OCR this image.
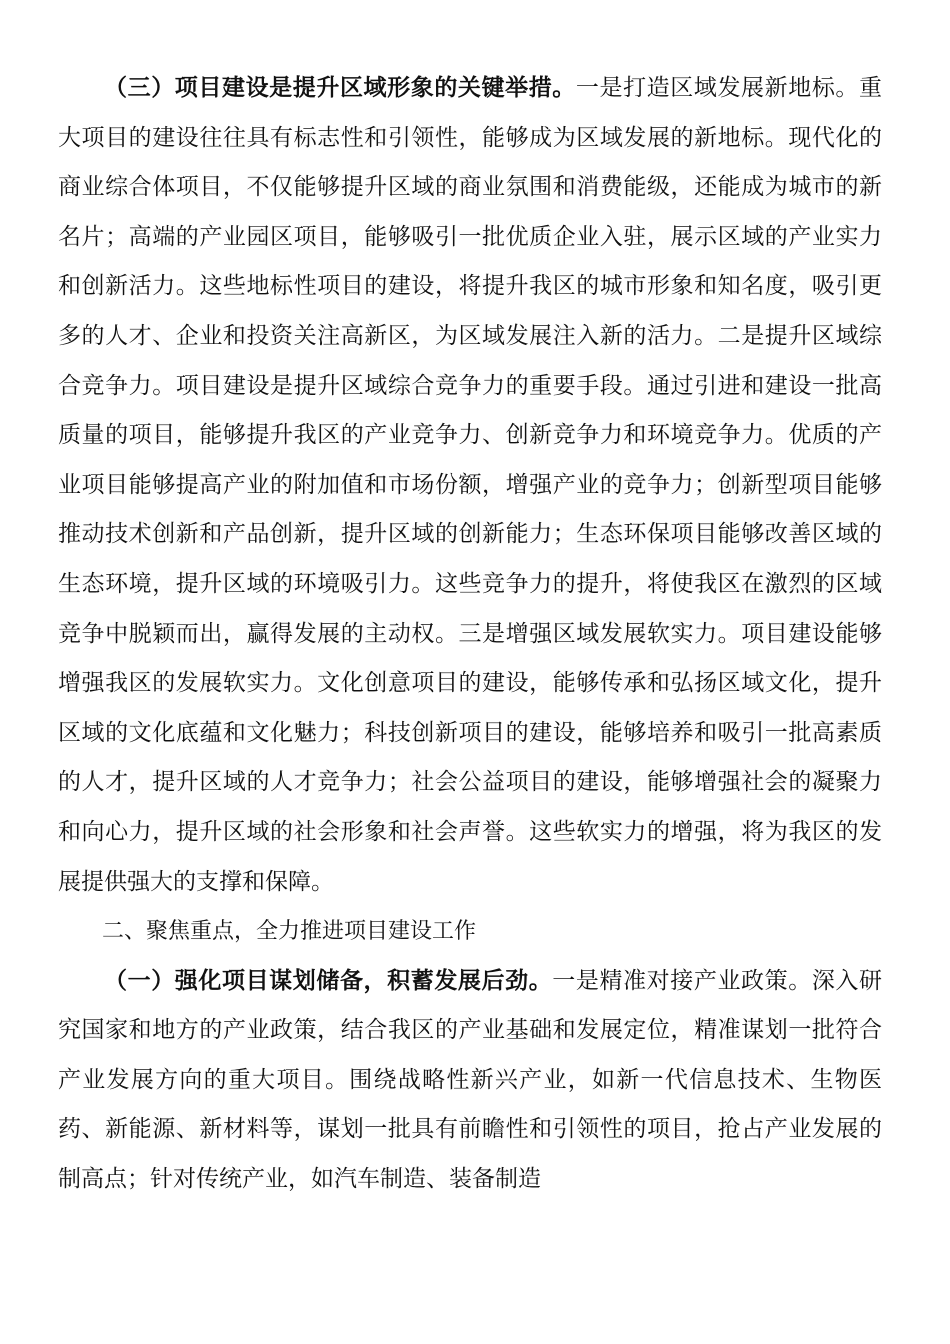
（三）项目建设是提升区域形象的关键举措。一是打造区域发展新地标。重大项目的建设往往具有标志性和引领性，能够成为区域发展的新地标。现代化的商业综合体项目，不仅能够提升区域的商业氛围和消费能级，还能成为城市的新名片；高端的产业园区项目，能够吸引一批优质企业入驻，展示区域的产业实力和创新活力。这些地标性项目的建设，将提升我区的城市形象和知名度，吸引更多的人才、企业和投资关注高新区，为区域发展注入新的活力。二是提升区域综合竞争力。项目建设是提升区域综合竞争力的重要手段。通过引进和建设一批高质量的项目，能够提升我区的产业竞争力、创新竞争力和环境竞争力。优质的产业项目能够提高产业的附加值和市场份额，增强产业的竞争力；创新型项目能够推动技术创新和产品创新，提升区域的创新能力；生态环保项目能够改善区域的生态环境，提升区域的环境吸引力。这些竞争力的提升，将使我区在激烈的区域竞争中脱颖而出，赢得发展的主动权。三是增强区域发展软实力。项目建设能够增强我区的发展软实力。文化创意项目的建设，能够传承和弘扬区域文化，提升区域的文化底蕴和文化魅力；科技创新项目的建设，能够培养和吸引一批高素质的人才，提升区域的人才竞争力；社会公益项目的建设，能够增强社会的凝聚力和向心力，提升区域的社会形象和社会声誉。这些软实力的增强，将为我区的发展提供强大的支撑和保障。

二、聚焦重点，全力推进项目建设工作

（一）强化项目谋划储备，积蓄发展后劲。一是精准对接产业政策。深入研究国家和地方的产业政策，结合我区的产业基础和发展定位，精准谋划一批符合产业发展方向的重大项目。围绕战略性新兴产业，如新一代信息技术、生物医药、新能源、新材料等，谋划一批具有前瞻性和引领性的项目，抢占产业发展的制高点；针对传统产业，如汽车制造、装备制造
